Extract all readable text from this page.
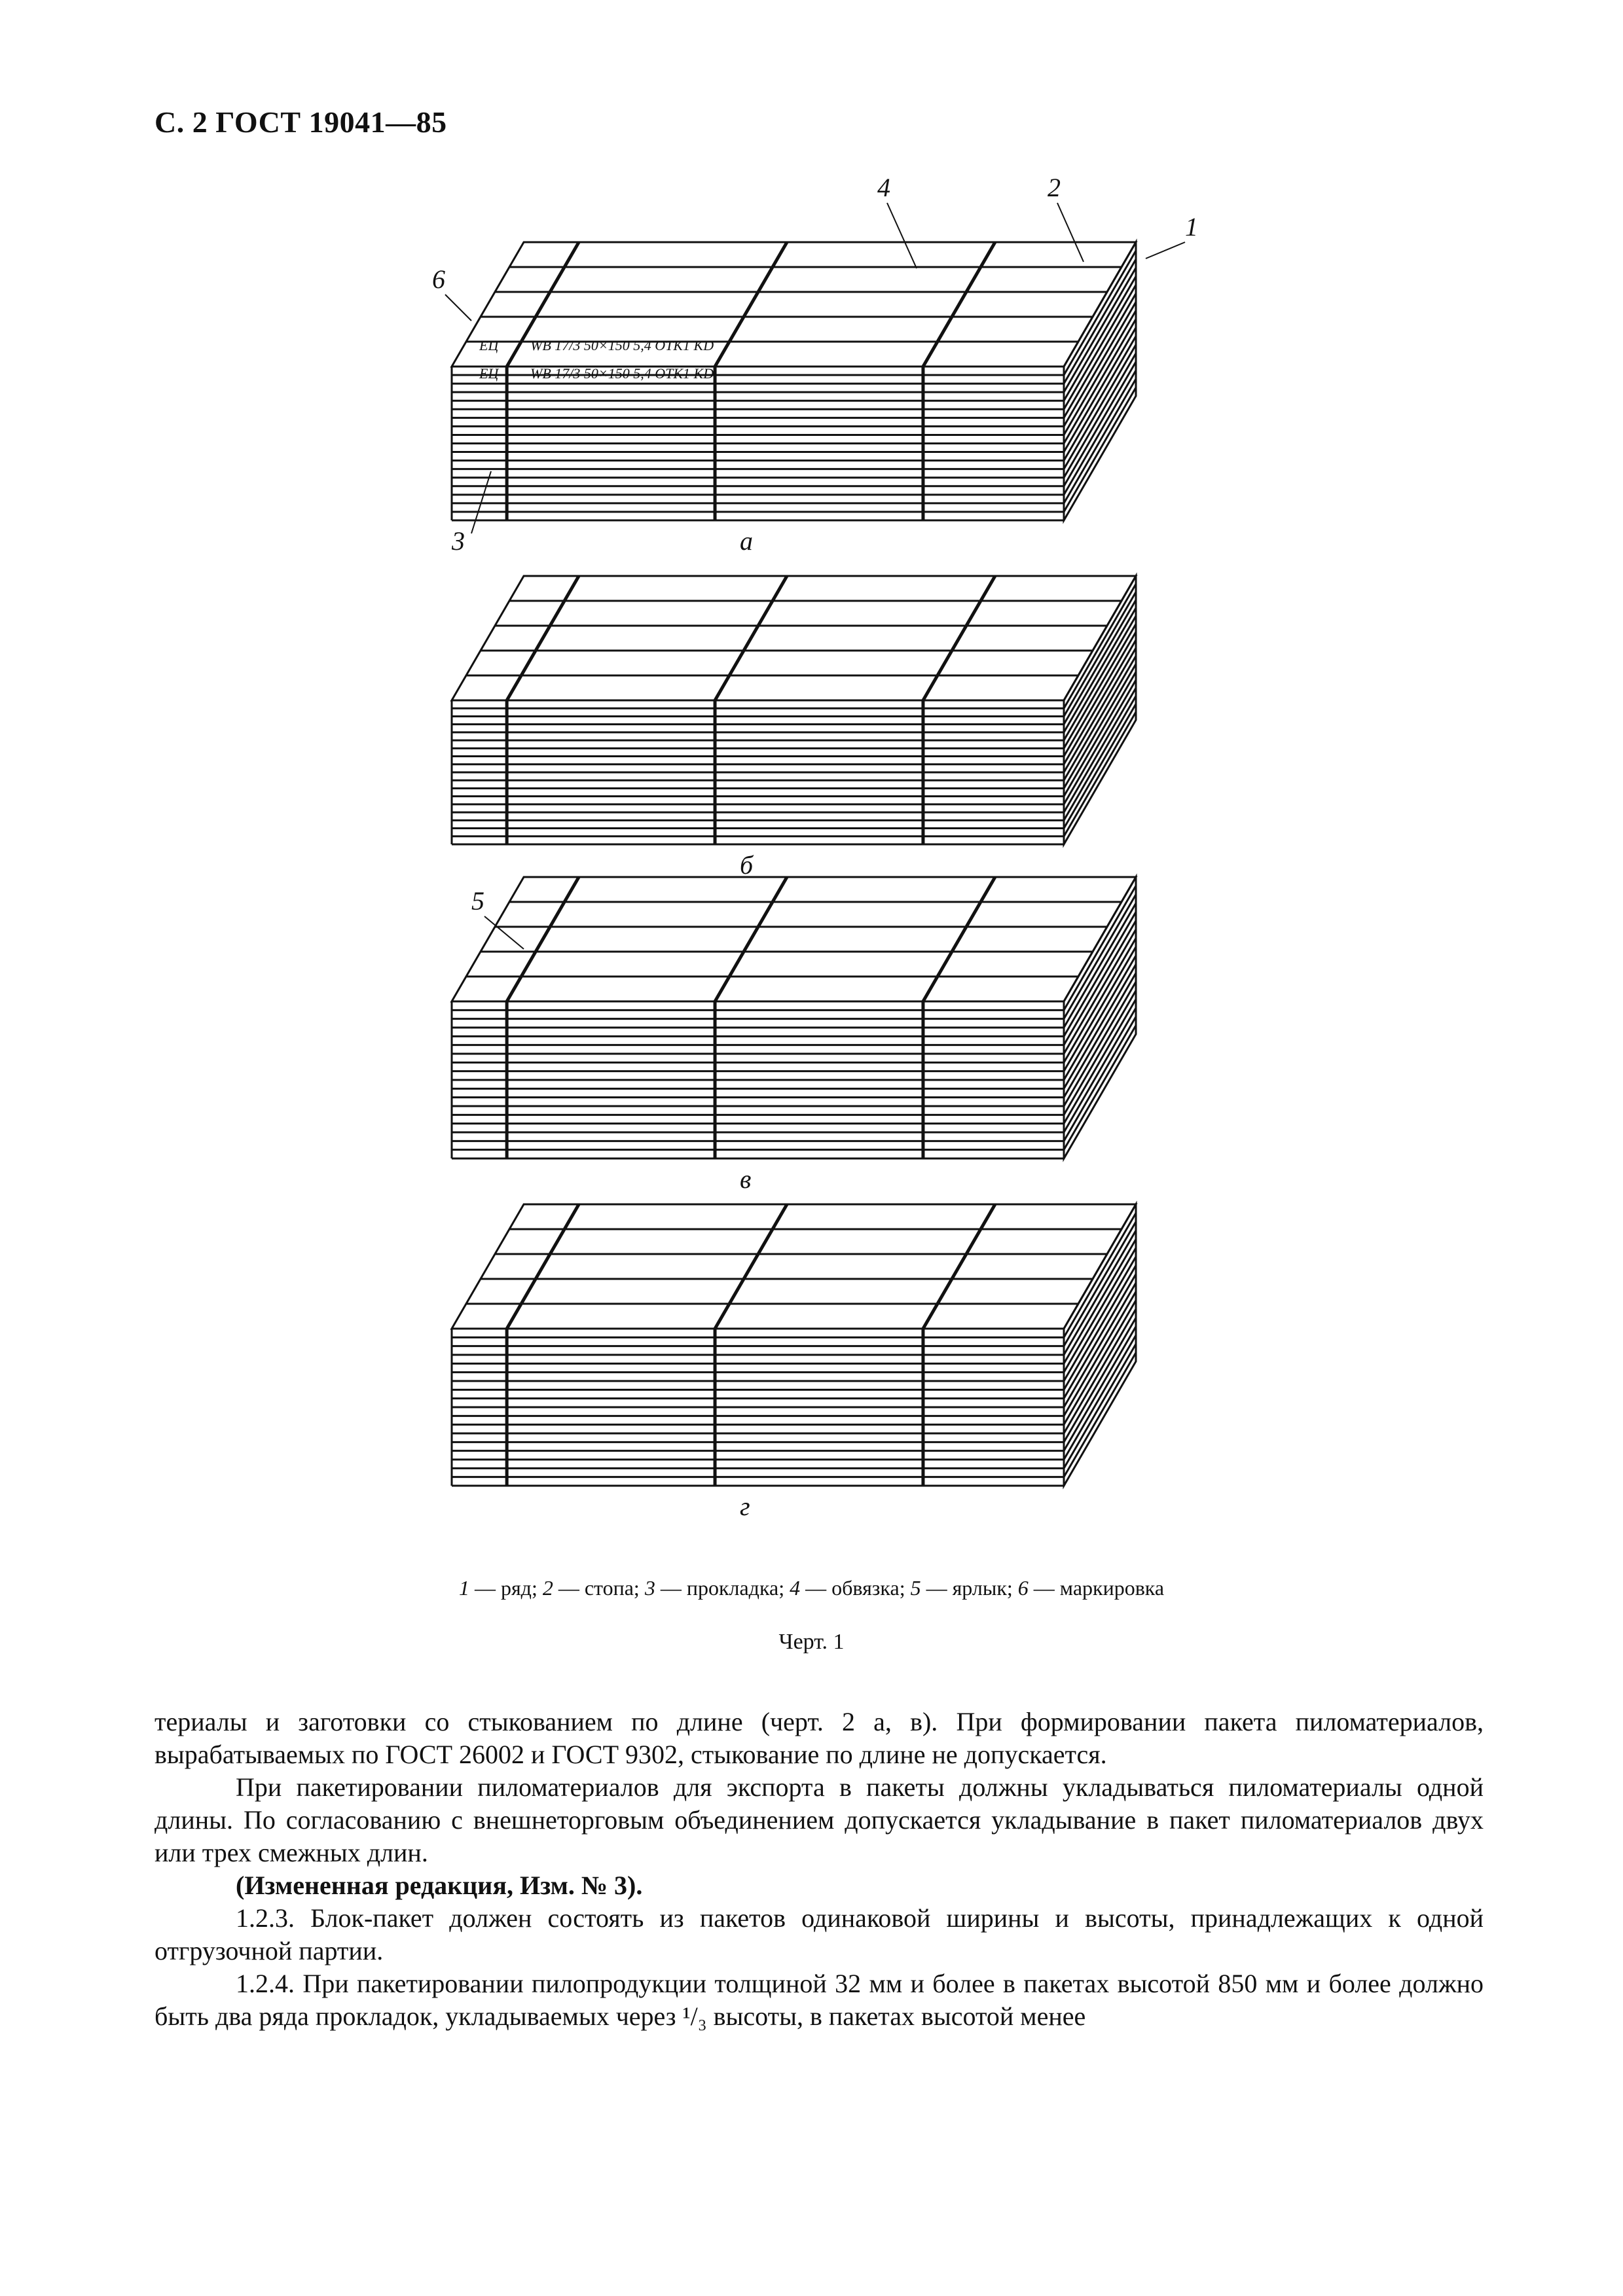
С. 2 ГОСТ 19041—85
а
б
в
г
1
2
3
4
5
6
ЕЦ WB 17/3 50×150 5,4 OTK1 KD
ЕЦ WB 17/3 50×150 5,4 OTK1 KD
1 — ряд; 2 — стопа; 3 — прокладка; 4 — обвязка; 5 — ярлык; 6 — маркировка
Черт. 1

териалы и заготовки со стыкованием по длине (черт. 2 а, в). При формировании пакета пиломатериалов, вырабатываемых по ГОСТ 26002 и ГОСТ 9302, стыкование по длине не допускается.

При пакетировании пиломатериалов для экспорта в пакеты должны укладываться пиломатериалы одной длины. По согласованию с внешнеторговым объединением допускается укладывание в пакет пиломатериалов двух или трех смежных длин.

(Измененная редакция, Изм. № 3).

1.2.3. Блок-пакет должен состоять из пакетов одинаковой ширины и высоты, принадлежащих к одной отгрузочной партии.

1.2.4. При пакетировании пилопродукции толщиной 32 мм и более в пакетах высотой 850 мм и более должно быть два ряда прокладок, укладываемых через ¹/₃ высоты, в пакетах высотой менее
